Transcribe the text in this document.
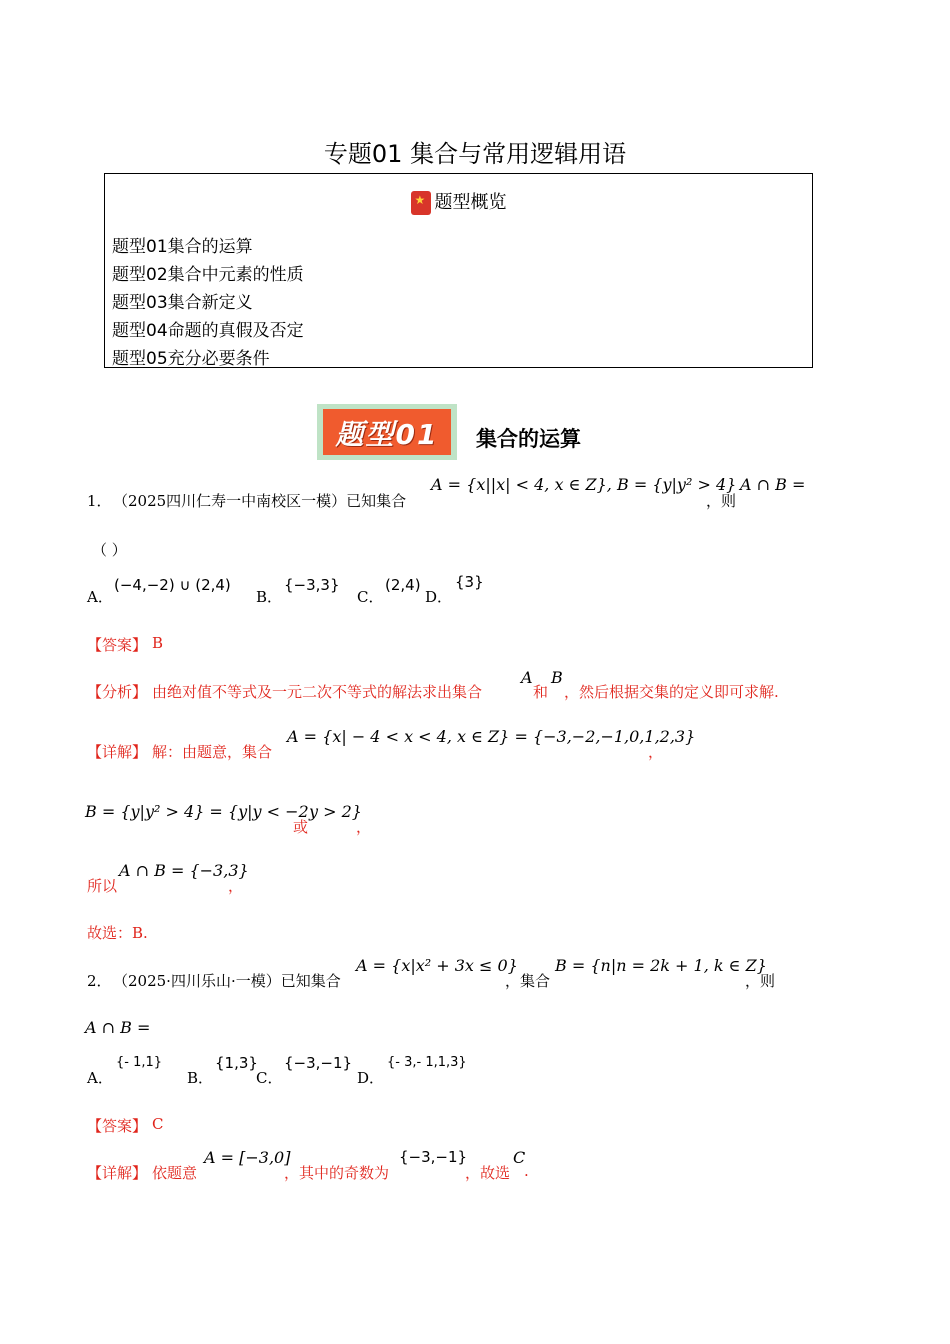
专题01 集合与常用逻辑用语
★ 题型概览
题型01集合的运算
题型02集合中元素的性质
题型03集合新定义
题型04命题的真假及否定
题型05充分必要条件
题型01	集合的运算
1． （2025四川仁寿一中南校区一模）已知集合
A = {x||x| < 4, x ∈ Z}, B = {y|y² > 4}
，则
A ∩ B =
（ ）
A．
(−4,−2) ∪ (2,4)
B．
{−3,3}
C．
(2,4)
D．
{3}
【答案】 B
【分析】 由绝对值不等式及一元二次不等式的解法求出集合
A
和
B
，然后根据交集的定义即可求解.
【详解】 解：由题意，集合
A = {x| − 4 < x < 4, x ∈ Z} = {−3,−2,−1,0,1,2,3}
，
B = {y|y² > 4} = {y|y < −2
或
y > 2}
，
所以
A ∩ B = {−3,3}
，
故选：B.
2． （2025·四川乐山·一模）已知集合
A = {x|x² + 3x ≤ 0}
，集合
B = {n|n = 2k + 1, k ∈ Z}
，则
A ∩ B =
A．
{- 1,1}
B．
{1,3}
C．
{−3,−1}
D．
{- 3,- 1,1,3}
【答案】 C
【详解】 依题意
A = [−3,0]
，其中的奇数为
{−3,−1}
，故选
C
.
